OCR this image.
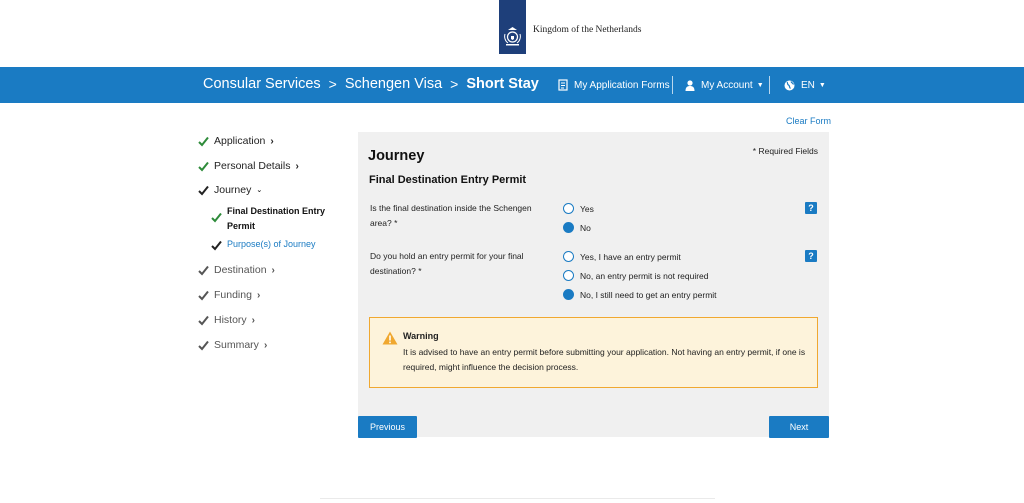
Kingdom of the Netherlands
Consular Services > Schengen Visa > Short Stay	My Application Forms	My Account ▼	EN ▼
Application ›
Personal Details ›
Journey ⌄
Final Destination Entry
Permit
Purpose(s) of Journey
Destination ›
Funding ›
History ›
Summary ›
Clear Form
Journey	* Required Fields
Final Destination Entry Permit
Is the final destination inside the Schengen area? *
Yes
No
?
Do you hold an entry permit for your final destination? *
Yes, I have an entry permit
No, an entry permit is not required
No, I still need to get an entry permit
?
Warning
It is advised to have an entry permit before submitting your application. Not having an entry permit, if one is required, might influence the decision process.
Previous	Next
